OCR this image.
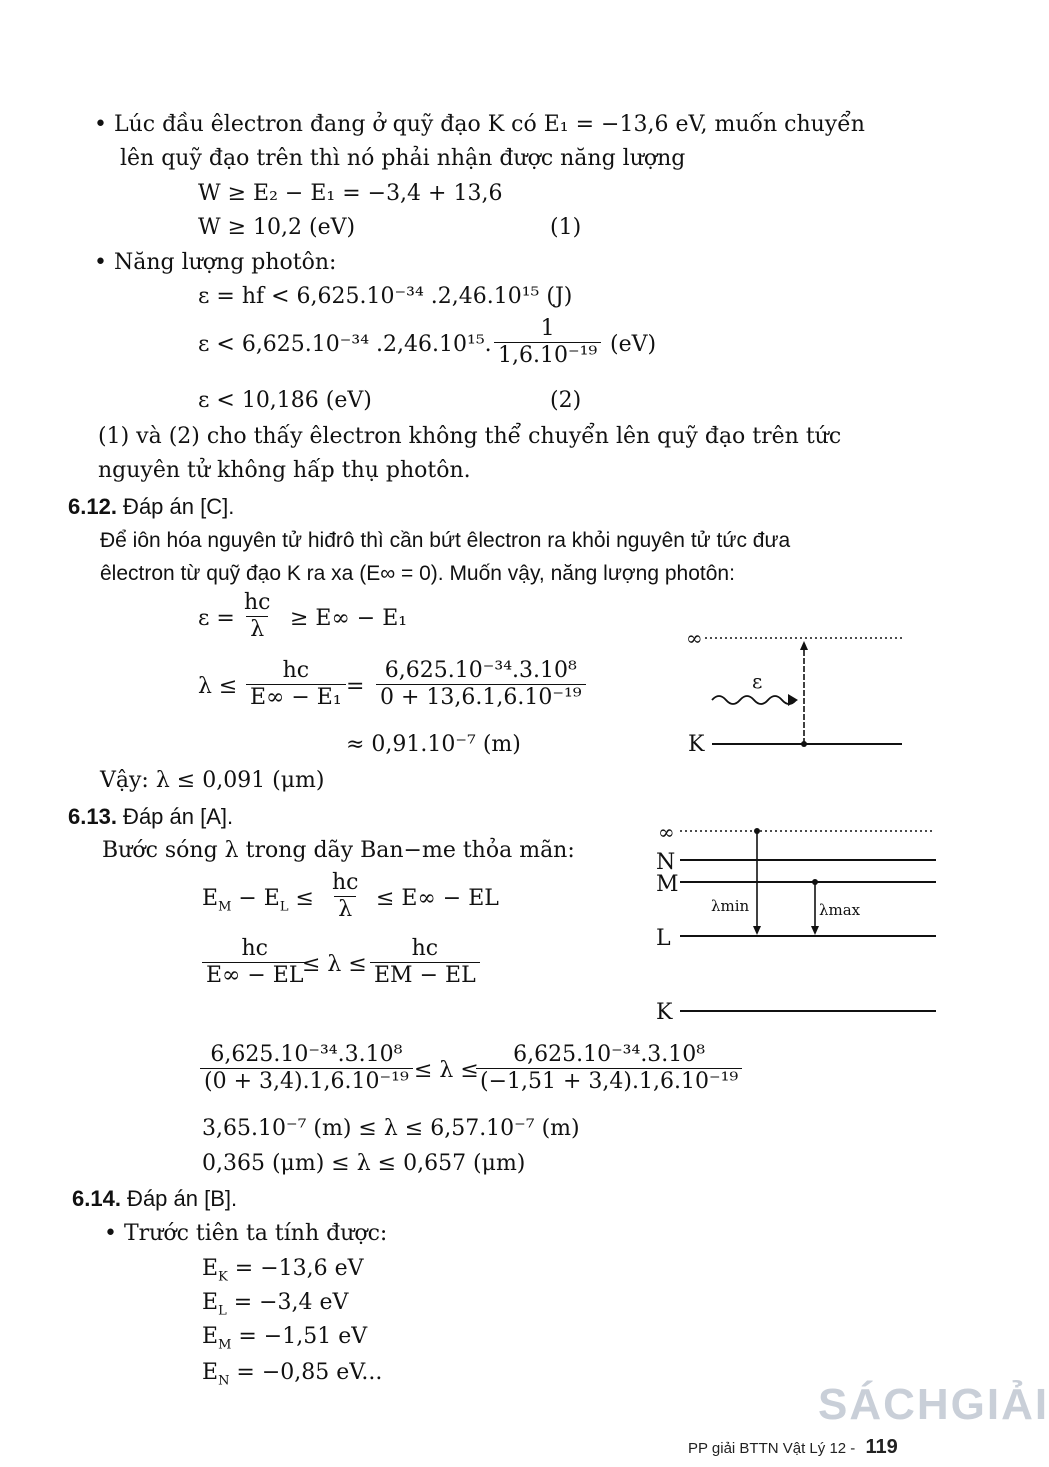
• Lúc đầu êlectron đang ở quỹ đạo K có E₁ = −13,6 eV, muốn chuyển
lên quỹ đạo trên thì nó phải nhận được năng lượng
W ≥ E₂ − E₁ = −3,4 + 13,6
W ≥ 10,2 (eV)	(1)
• Năng lượng photôn:
ε = hf < 6,625.10⁻³⁴ .2,46.10¹⁵ (J)
ε < 6,625.10⁻³⁴ .2,46.10¹⁵. $\frac{1}{\text{1,6.10⁻¹⁹}} (eV)$
ε < 10,186 (eV)	(2)
(1) và (2) cho thấy êlectron không thể chuyển lên quỹ đạo trên tức
nguyên tử không hấp thụ photôn.
6.12. Đáp án [C].
Để iôn hóa nguyên tử hiđrô thì cần bứt êlectron ra khỏi nguyên tử tức đưa
êlectron từ quỹ đạo K ra xa (E∞ = 0). Muốn vậy, năng lượng photôn:
$\varepsilon = \frac{hc}{\lambda} \ge E\infty - E_1$
$\lambda \le \frac{hc}{\text{E∞ − E₁}} = \frac{\text{6,625.10⁻³⁴.3.10⁸}}{\text{0 + 13,6.1,6.10⁻¹⁹}}$
≈ 0,91.10⁻⁷ (m)
Vậy: λ ≤ 0,091 (μm)
∞
ε
K
6.13. Đáp án [A].
Bước sóng λ trong dãy Ban−me thỏa mãn:
$E_M - E_L \le \frac{hc}{\lambda} \le E\infty$ − EL
$\frac{hc}{E\infty - EL}$
≤ $\lambda \le \frac{hc}{EM - EL}$
$\frac{\text{6,625.10⁻³⁴.3.10⁸}}{\text{(0 + 3,4).1,6.10⁻¹⁹}} \le \lambda$ ≤
$\frac{\text{6,625.10⁻³⁴.3.10⁸}}{\text{(−1,51 + 3,4).1,6.10⁻¹⁹}}$
3,65.10⁻⁷ (m) ≤ λ ≤ 6,57.10⁻⁷ (m)
0,365 (μm) ≤ λ ≤ 0,657 (μm)
∞
N
M
L
K
λmin	λmax
6.14. Đáp án [B].
• Trước tiên ta tính được:
$E_K = -13,6$ eV
$E_L = -3,4$ eV
$E_M = -1,51$ eV
$E_N = -0,85$ eV...
SÁCHGIẢI
PP giải BTTN Vật Lý 12 - 119
